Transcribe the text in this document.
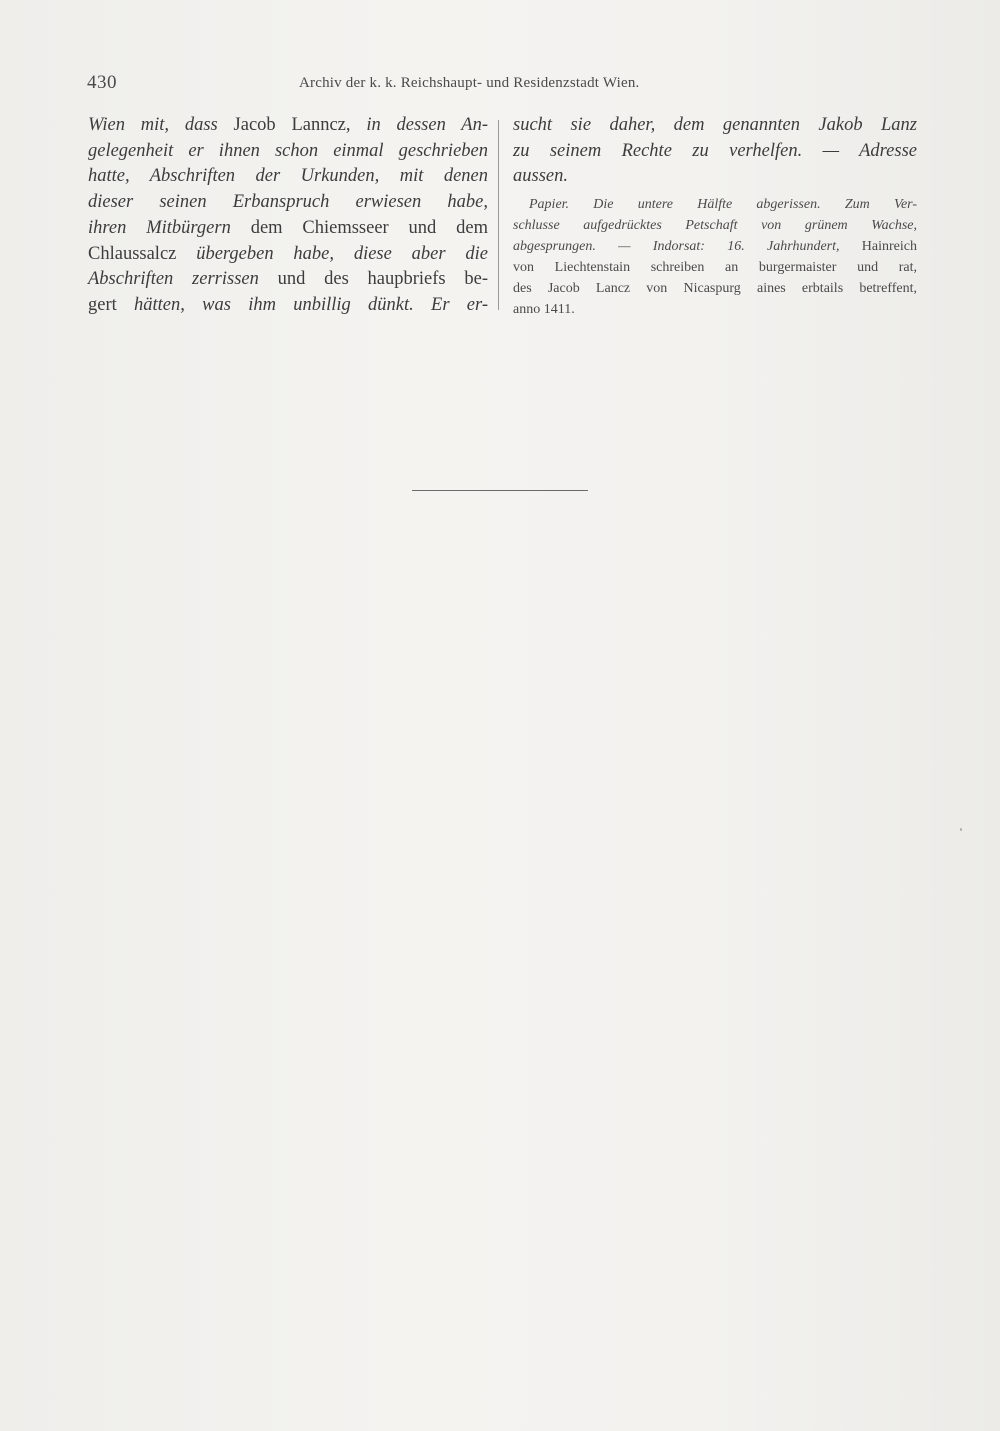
430	Archiv der k. k. Reichshaupt- und Residenzstadt Wien.
Wien mit, dass Jacob Lanncz, in dessen An-
gelegenheit er ihnen schon einmal geschrieben
hatte, Abschriften der Urkunden, mit denen
dieser seinen Erbanspruch erwiesen habe,
ihren Mitbürgern dem Chiemsseer und dem
Chlaussalcz übergeben habe, diese aber die
Abschriften zerrissen und des haupbriefs be-
gert hätten, was ihm unbillig dünkt. Er er-
sucht sie daher, dem genannten Jakob Lanz
zu seinem Rechte zu verhelfen. — Adresse
aussen.
Papier. Die untere Hälfte abgerissen. Zum Ver-
schlusse aufgedrücktes Petschaft von grünem Wachse,
abgesprungen. — Indorsat: 16. Jahrhundert, Hainreich
von Liechtenstain schreiben an burgermaister und rat,
des Jacob Lancz von Nicaspurg aines erbtails betreffent,
anno 1411.
